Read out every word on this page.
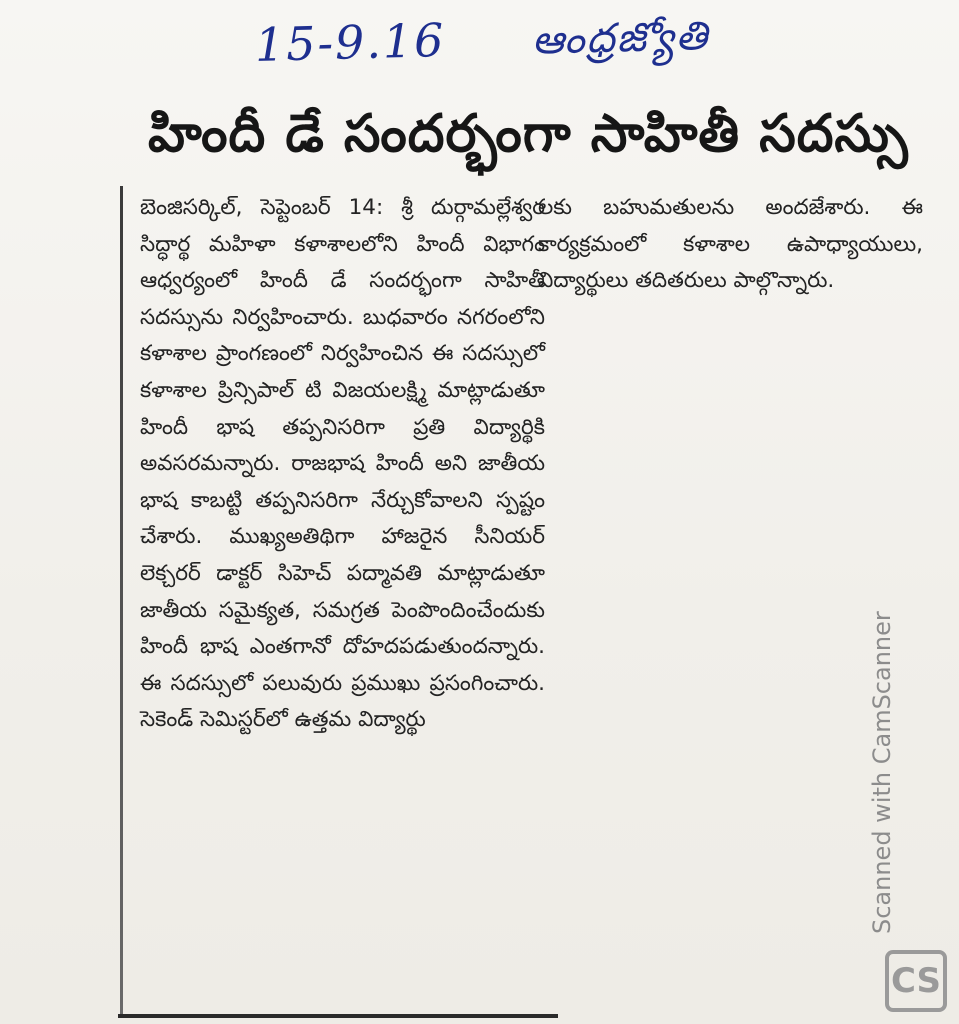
15-9.16 ఆంధ్రజ్యోతి
హిందీ డే సందర్భంగా సాహితీ సదస్సు
బెంజిసర్కిల్, సెప్టెంబర్ 14: శ్రీ దుర్గామల్లేశ్వర సిద్ధార్థ మహిళా కళాశాలలోని హిందీ విభాగం ఆధ్వర్యంలో హిందీ డే సందర్భంగా సాహితీ సదస్సును నిర్వహించారు. బుధవారం నగరంలోని కళాశాల ప్రాంగణంలో నిర్వహించిన ఈ సదస్సులో కళాశాల ప్రిన్సిపాల్ టి విజయలక్ష్మి మాట్లాడుతూ హిందీ భాష తప్పనిసరిగా ప్రతి విద్యార్థికి అవసరమన్నారు. రాజభాష హిందీ అని జాతీయ భాష కాబట్టి తప్పనిసరిగా నేర్చుకోవాలని స్పష్టం చేశారు. ముఖ్యఅతిథిగా హాజరైన సీనియర్ లెక్చరర్ డాక్టర్ సిహెచ్ పద్మావతి మాట్లాడుతూ జాతీయ సమైక్యత, సమగ్రత పెంపొందించేందుకు హిందీ భాష ఎంతగానో దోహదపడుతుందన్నారు. ఈ సదస్సులో పలువురు ప్రముఖు ప్రసంగించారు. సెకెండ్ సెమిస్టర్‌లో ఉత్తమ విద్యార్థు
లకు బహుమతులను అందజేశారు. ఈ కార్యక్రమంలో కళాశాల ఉపాధ్యాయులు, విద్యార్థులు తదితరులు పాల్గొన్నారు.
Scanned with CamScanner
CS
